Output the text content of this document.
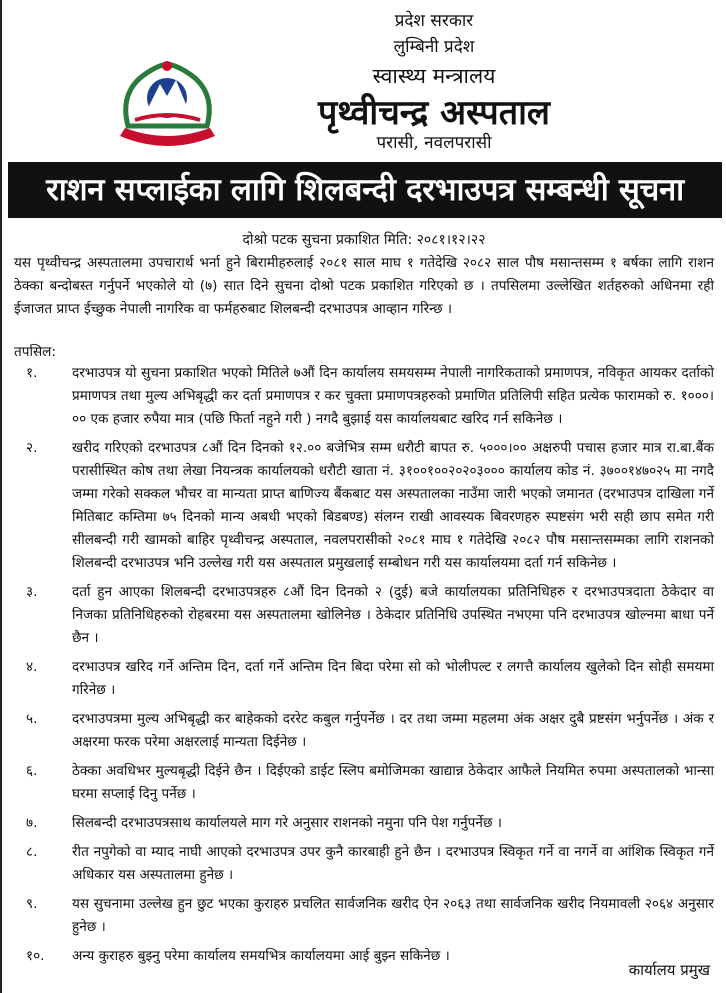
प्रदेश सरकार
लुम्बिनी प्रदेश
स्वास्थ्य मन्त्रालय
पृथ्वीचन्द्र अस्पताल
परासी, नवलपरासी
राशन सप्लाईका लागि शिलबन्दी दरभाउपत्र सम्बन्धी सूचना
दोश्रो पटक सुचना प्रकाशित मिति: २०८१।१२।२२
यस पृथ्वीचन्द्र अस्पतालमा उपचारार्थ भर्ना हुने बिरामीहरुलाई २०८१ साल माघ १ गतेदेखि २०८२ साल पौष मसान्तसम्म १ बर्षका लागि राशन ठेक्का बन्दोबस्त गर्नुपर्ने भएकोले यो (७) सात दिने सुचना दोश्रो पटक प्रकाशित गरिएको छ । तपसिलमा उल्लेखित शर्तहरुको अधिनमा रही ईजाजत प्राप्त ईच्छुक नेपाली नागरिक वा फर्महरुबाट शिलबन्दी दरभाउपत्र आव्हान गरिन्छ ।
तपसिल:
१.	दरभाउपत्र यो सुचना प्रकाशित भएको मितिले ७औं दिन कार्यालय समयसम्म नेपाली नागरिकताको प्रमाणपत्र, नविकृत आयकर दर्ताको प्रमाणपत्र तथा मुल्य अभिबृद्धी कर दर्ता प्रमाणपत्र र कर चुक्ता प्रमाणपत्रहरुको प्रमाणित प्रतिलिपी सहित प्रत्येक फारामको रु. १०००।०० एक हजार रुपैया मात्र (पछि फिर्ता नहुने गरी ) नगदै बुझाई यस कार्यालयबाट खरिद गर्न सकिनेछ ।
२.	खरीद गरिएको दरभाउपत्र ८औं दिन दिनको १२.०० बजेभित्र सम्म धरौटी बापत रु. ५०००।०० अक्षरुपी पचास हजार मात्र रा.बा.बैंक परासीस्थित कोष तथा लेखा नियन्त्रक कार्यालयको धरौटी खाता नं. ३१००१००२०२०३००० कार्यालय कोड नं. ३७००१४७०२५ मा नगदै जम्मा गरेको सक्कल भौचर वा मान्यता प्राप्त बाणिज्य बैंकबाट यस अस्पतालका नाउँमा जारी भएको जमानत (दरभाउपत्र दाखिला गर्ने मितिबाट कम्तिमा ७५ दिनको मान्य अबधी भएको बिडबण्ड) संलग्न राखी आवस्यक बिवरणहरु स्पष्टसंग भरी सही छाप समेत गरी सीलबन्दी गरी खामको बाहिर पृथ्वीचन्द्र अस्पताल, नवलपरासीको २०८१ माघ १ गतेदेखि २०८२ पौष मसान्तसम्मका लागि राशनको शिलबन्दी दरभाउपत्र भनि उल्लेख गरी यस अस्पताल प्रमुखलाई सम्बोधन गरी यस कार्यालयमा दर्ता गर्न सकिनेछ ।
३.	दर्ता हुन आएका शिलबन्दी दरभाउपत्रहरु ८औं दिन दिनको २ (दुई) बजे कार्यालयका प्रतिनिधिहरु र दरभाउपत्रदाता ठेकेदार वा निजका प्रतिनिधिहरुको रोहबरमा यस अस्पतालमा खोलिनेछ । ठेकेदार प्रतिनिधि उपस्थित नभएमा पनि दरभाउपत्र खोल्नमा बाधा पर्ने छैन ।
४.	दरभाउपत्र खरिद गर्ने अन्तिम दिन, दर्ता गर्ने अन्तिम दिन बिदा परेमा सो को भोलीपल्ट र लगत्तै कार्यालय खुलेको दिन सोही समयमा गरिनेछ ।
५.	दरभाउपत्रमा मुल्य अभिबृद्धी कर बाहेकको दररेट कबुल गर्नुपर्नेछ । दर तथा जम्मा महलमा अंक अक्षर दुबै प्रष्टसंग भर्नुपर्नेछ । अंक र अक्षरमा फरक परेमा अक्षरलाई मान्यता दिईनेछ ।
६.	ठेक्का अवधिभर मुल्यबृद्धी दिईने छैन । दिईएको डाईट स्लिप बमोजिमका खाद्यान्न ठेकेदार आफैले नियमित रुपमा अस्पतालको भान्सा घरमा सप्लाई दिनु पर्नेछ ।
७.	सिलबन्दी दरभाउपत्रसाथ कार्यालयले माग गरे अनुसार राशनको नमुना पनि पेश गर्नुपर्नेछ ।
८.	रीत नपुगेको वा म्याद नाघी आएको दरभाउपत्र उपर कुनै कारबाही हुने छैन । दरभाउपत्र स्विकृत गर्ने वा नगर्ने वा आंशिक स्विकृत गर्ने अधिकार यस अस्पतालमा हुनेछ ।
९.	यस सुचनामा उल्लेख हुन छुट भएका कुराहरु प्रचलित सार्वजनिक खरीद ऐन २०६३ तथा सार्वजनिक खरीद नियमावली २०६४ अनुसार हुनेछ ।
१०.	अन्य कुराहरु बुझ्नु परेमा कार्यालय समयभित्र कार्यालयमा आई बुझ्न सकिनेछ ।
कार्यालय प्रमुख
